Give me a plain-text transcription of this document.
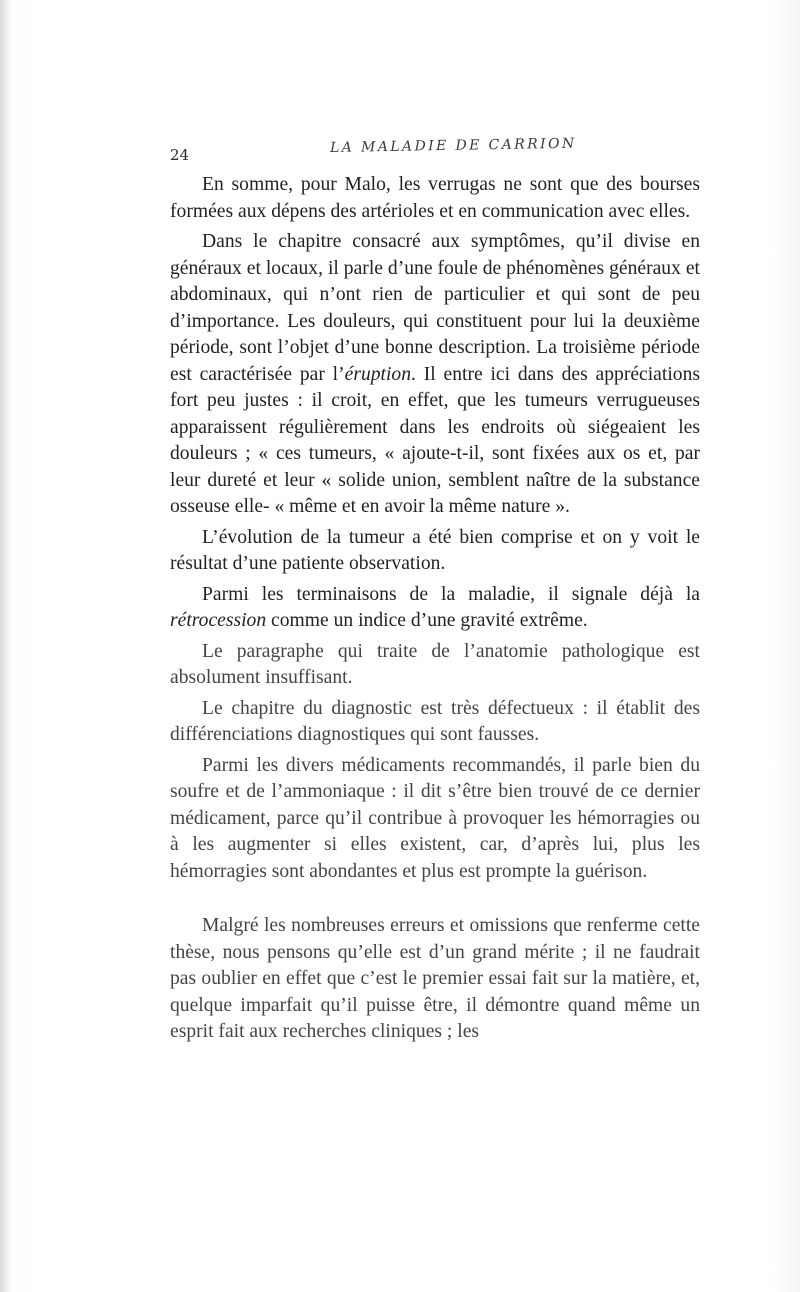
24	LA MALADIE DE CARRION

En somme, pour Malo, les verrugas ne sont que des bourses formées aux dépens des artérioles et en communication avec elles.

Dans le chapitre consacré aux symptômes, qu’il divise en généraux et locaux, il parle d’une foule de phénomènes généraux et abdominaux, qui n’ont rien de particulier et qui sont de peu d’importance. Les douleurs, qui constituent pour lui la deuxième période, sont l’objet d’une bonne description. La troisième période est caractérisée par l’éruption. Il entre ici dans des appréciations fort peu justes : il croit, en effet, que les tumeurs verrugueuses apparaissent régulièrement dans les endroits où siégeaient les douleurs ; « ces tumeurs, « ajoute-t-il, sont fixées aux os et, par leur dureté et leur « solide union, semblent naître de la substance osseuse elle- « même et en avoir la même nature ».

L’évolution de la tumeur a été bien comprise et on y voit le résultat d’une patiente observation.

Parmi les terminaisons de la maladie, il signale déjà la rétrocession comme un indice d’une gravité extrême.

Le paragraphe qui traite de l’anatomie pathologique est absolument insuffisant.

Le chapitre du diagnostic est très défectueux : il établit des différenciations diagnostiques qui sont fausses.

Parmi les divers médicaments recommandés, il parle bien du soufre et de l’ammoniaque : il dit s’être bien trouvé de ce dernier médicament, parce qu’il contribue à provoquer les hémorragies ou à les augmenter si elles existent, car, d’après lui, plus les hémorragies sont abondantes et plus est prompte la guérison.

Malgré les nombreuses erreurs et omissions que renferme cette thèse, nous pensons qu’elle est d’un grand mérite ; il ne faudrait pas oublier en effet que c’est le premier essai fait sur la matière, et, quelque imparfait qu’il puisse être, il démontre quand même un esprit fait aux recherches cliniques ; les
